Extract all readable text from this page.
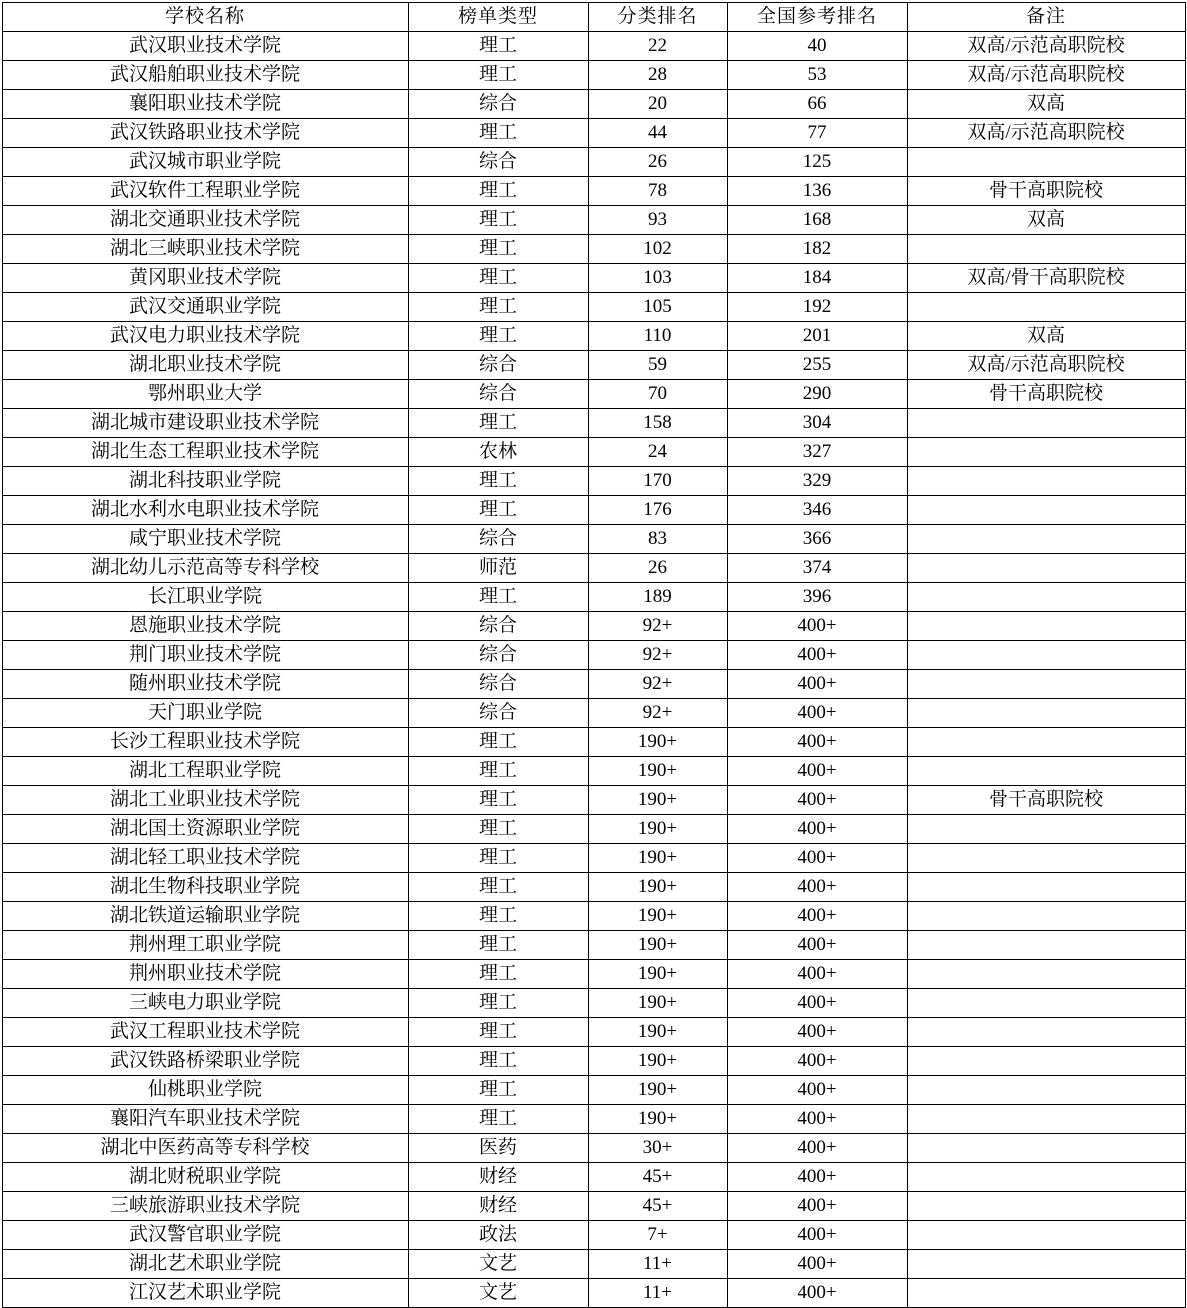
学校名称	榜单类型	分类排名	全国参考排名	备注
武汉职业技术学院	理工	22	40	双高/示范高职院校
武汉船舶职业技术学院	理工	28	53	双高/示范高职院校
襄阳职业技术学院	综合	20	66	双高
武汉铁路职业技术学院	理工	44	77	双高/示范高职院校
武汉城市职业学院	综合	26	125	
武汉软件工程职业学院	理工	78	136	骨干高职院校
湖北交通职业技术学院	理工	93	168	双高
湖北三峡职业技术学院	理工	102	182	
黄冈职业技术学院	理工	103	184	双高/骨干高职院校
武汉交通职业学院	理工	105	192	
武汉电力职业技术学院	理工	110	201	双高
湖北职业技术学院	综合	59	255	双高/示范高职院校
鄂州职业大学	综合	70	290	骨干高职院校
湖北城市建设职业技术学院	理工	158	304	
湖北生态工程职业技术学院	农林	24	327	
湖北科技职业学院	理工	170	329	
湖北水利水电职业技术学院	理工	176	346	
咸宁职业技术学院	综合	83	366	
湖北幼儿示范高等专科学校	师范	26	374	
长江职业学院	理工	189	396	
恩施职业技术学院	综合	92+	400+	
荆门职业技术学院	综合	92+	400+	
随州职业技术学院	综合	92+	400+	
天门职业学院	综合	92+	400+	
长沙工程职业技术学院	理工	190+	400+	
湖北工程职业学院	理工	190+	400+	
湖北工业职业技术学院	理工	190+	400+	骨干高职院校
湖北国土资源职业学院	理工	190+	400+	
湖北轻工职业技术学院	理工	190+	400+	
湖北生物科技职业学院	理工	190+	400+	
湖北铁道运输职业学院	理工	190+	400+	
荆州理工职业学院	理工	190+	400+	
荆州职业技术学院	理工	190+	400+	
三峡电力职业学院	理工	190+	400+	
武汉工程职业技术学院	理工	190+	400+	
武汉铁路桥梁职业学院	理工	190+	400+	
仙桃职业学院	理工	190+	400+	
襄阳汽车职业技术学院	理工	190+	400+	
湖北中医药高等专科学校	医药	30+	400+	
湖北财税职业学院	财经	45+	400+	
三峡旅游职业技术学院	财经	45+	400+	
武汉警官职业学院	政法	7+	400+	
湖北艺术职业学院	文艺	11+	400+	
江汉艺术职业学院	文艺	11+	400+	
